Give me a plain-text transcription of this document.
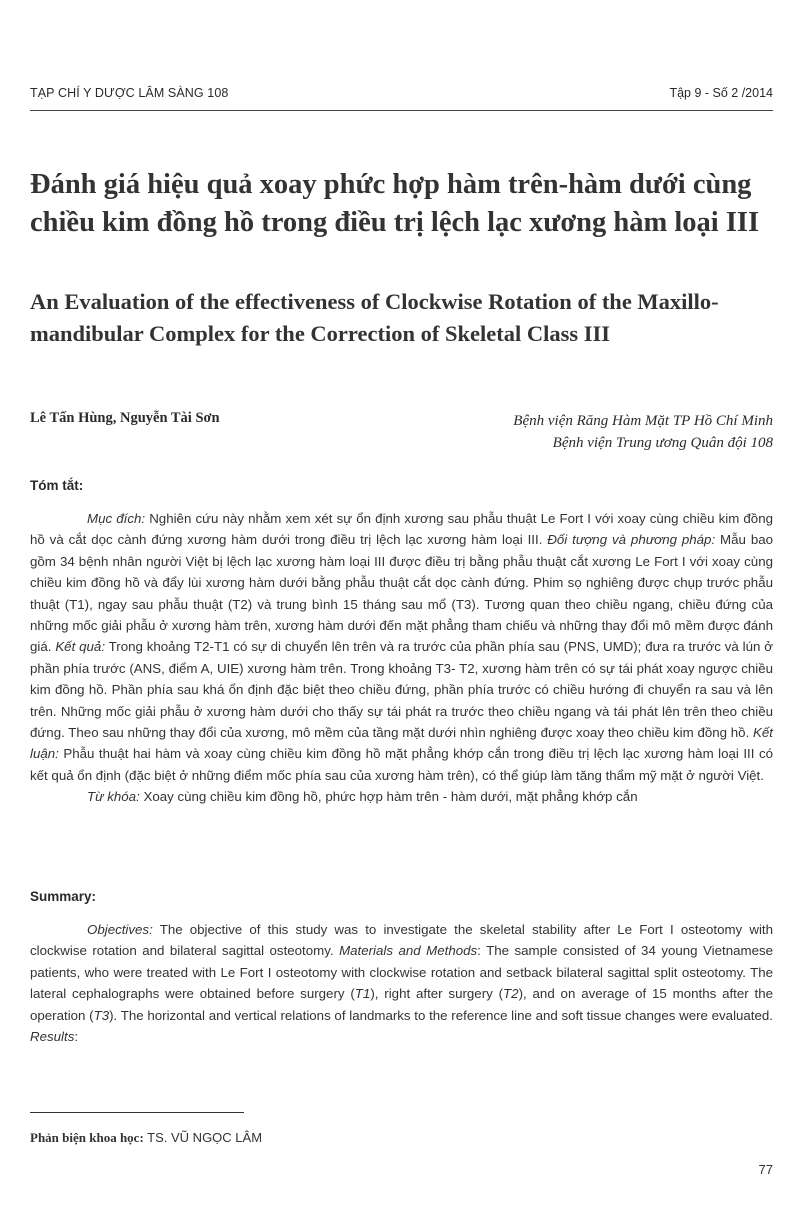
TẠP CHÍ Y DƯỢC LÂM SÀNG 108	Tập 9 - Số 2 /2014
Đánh giá hiệu quả xoay phức hợp hàm trên-hàm dưới cùng chiều kim đồng hồ trong điều trị lệch lạc xương hàm loại III
An Evaluation of the effectiveness of Clockwise Rotation of the Maxillo-mandibular Complex for the Correction of Skeletal Class III
Lê Tấn Hùng, Nguyễn Tài Sơn	Bệnh viện Răng Hàm Mặt TP Hồ Chí Minh
Bệnh viện Trung ương Quân đội 108
Tóm tắt:

Mục đích: Nghiên cứu này nhằm xem xét sự ổn định xương sau phẫu thuật Le Fort I với xoay cùng chiều kim đồng hồ và cắt dọc cành đứng xương hàm dưới trong điều trị lệch lạc xương hàm loại III. Đối tượng và phương pháp: Mẫu bao gồm 34 bệnh nhân người Việt bị lệch lạc xương hàm loại III được điều trị bằng phẫu thuật cắt xương Le Fort I với xoay cùng chiều kim đồng hồ và đẩy lùi xương hàm dưới bằng phẫu thuật cắt dọc cành đứng. Phim sọ nghiêng được chụp trước phẫu thuật (T1), ngay sau phẫu thuật (T2) và trung bình 15 tháng sau mổ (T3). Tương quan theo chiều ngang, chiều đứng của những mốc giải phẫu ở xương hàm trên, xương hàm dưới đến mặt phẳng tham chiếu và những thay đổi mô mềm được đánh giá. Kết quả: Trong khoảng T2-T1 có sự di chuyển lên trên và ra trước của phần phía sau (PNS, UMD); đưa ra trước và lún ở phần phía trước (ANS, điểm A, UIE) xương hàm trên. Trong khoảng T3- T2, xương hàm trên có sự tái phát xoay ngược chiều kim đồng hồ. Phần phía sau khá ổn định đặc biệt theo chiều đứng, phần phía trước có chiều hướng đi chuyển ra sau và lên trên. Những mốc giải phẫu ở xương hàm dưới cho thấy sự tái phát ra trước theo chiều ngang và tái phát lên trên theo chiều đứng. Theo sau những thay đổi của xương, mô mềm của tầng mặt dưới nhìn nghiêng được xoay theo chiều kim đồng hồ. Kết luận: Phẫu thuật hai hàm và xoay cùng chiều kim đồng hồ mặt phẳng khớp cắn trong điều trị lệch lạc xương hàm loại III có kết quả ổn định (đặc biệt ở những điểm mốc phía sau của xương hàm trên), có thể giúp làm tăng thẩm mỹ mặt ở người Việt.

Từ khóa: Xoay cùng chiều kim đồng hồ, phức hợp hàm trên - hàm dưới, mặt phẳng khớp cắn

Summary:

Objectives: The objective of this study was to investigate the skeletal stability after Le Fort I osteotomy with clockwise rotation and bilateral sagittal osteotomy. Materials and Methods: The sample consisted of 34 young Vietnamese patients, who were treated with Le Fort I osteotomy with clockwise rotation and setback bilateral sagittal split osteotomy. The lateral cephalographs were obtained before surgery (T1), right after surgery (T2), and on average of 15 months after the operation (T3). The horizontal and vertical relations of landmarks to the reference line and soft tissue changes were evaluated. Results:

Phản biện khoa học: TS. VŨ NGỌC LÂM
77
